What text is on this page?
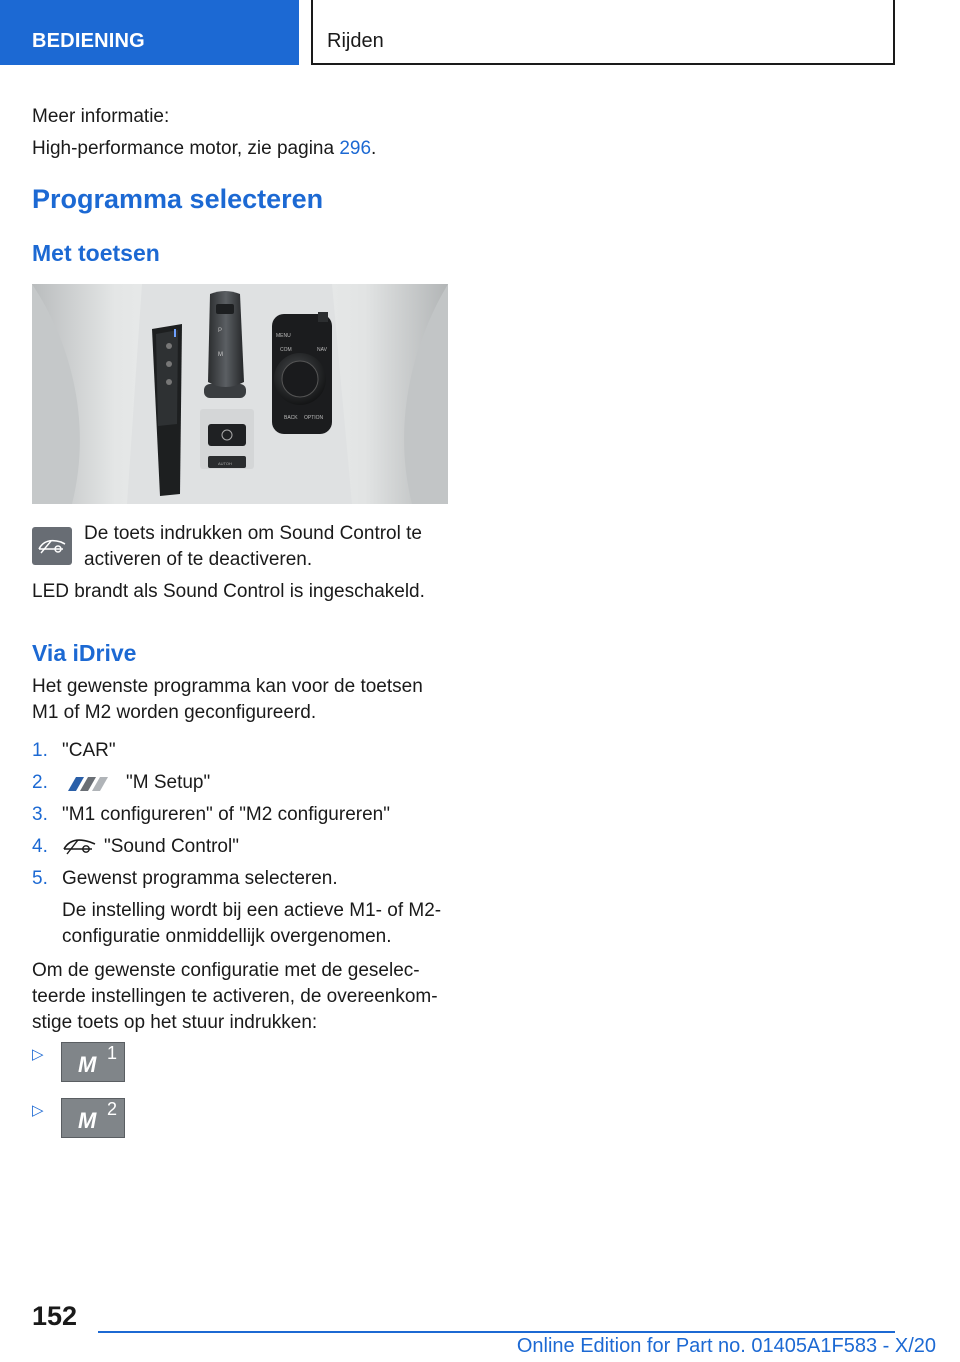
BEDIENING	Rijden

Meer informatie:

High-performance motor, zie pagina 296.

Programma selecteren
Met toetsen
P
M
MENU
COM	NAV
BACK OPTION
AUTOH

De toets indrukken om Sound Control te

activeren of te deactiveren.

LED brandt als Sound Control is ingeschakeld.

Via iDrive

Het gewenste programma kan voor de toetsen

M1 of M2 worden geconfigureerd.

1. "CAR"
2.	"M Setup"
3. "M1 configureren" of "M2 configureren"
4.	"Sound Control"
5. Gewenst programma selecteren.

De instelling wordt bij een actieve M1- of M2-

configuratie onmiddellijk overgenomen.

Om de gewenste configuratie met de geselec-

teerde instellingen te activeren, de overeenkom-

stige toets op het stuur indrukken:

▷ M 1
▷ M 2
152
Online Edition for Part no. 01405A1F583 - X/20
